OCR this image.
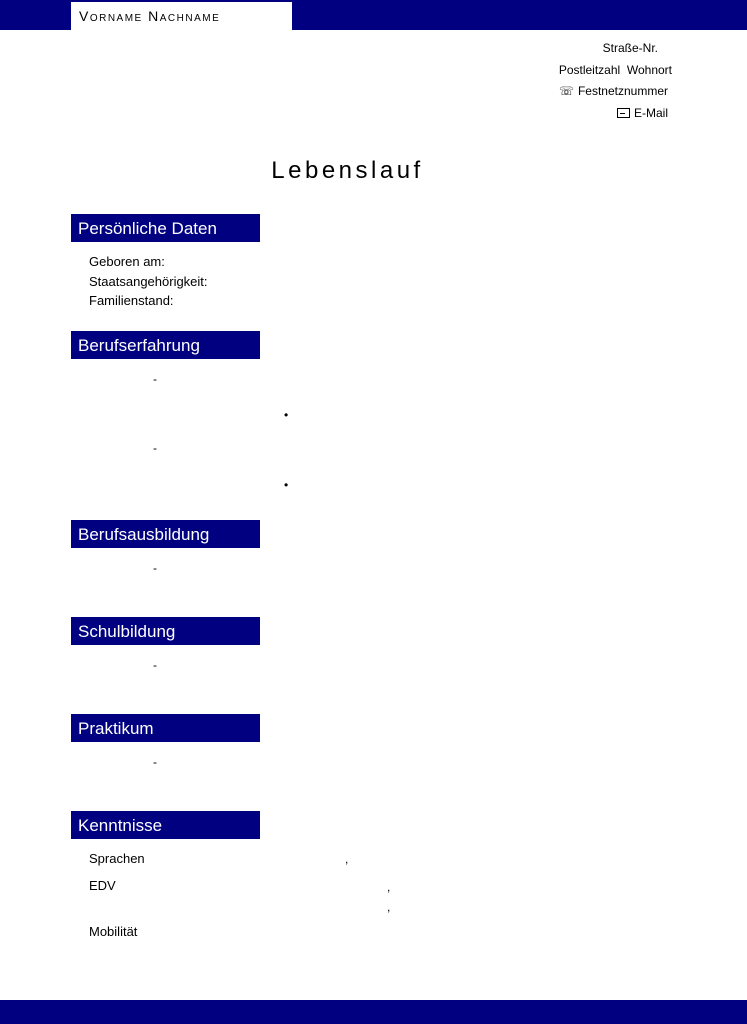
Vorname Nachname
Straße-Nr.
Postleitzahl Wohnort
☏ Festnetznummer
E-Mail
Lebenslauf
Persönliche Daten
Geboren am:
Staatsangehörigkeit:
Familienstand:
Berufserfahrung
-
•
-
•
Berufsausbildung
-
Schulbildung
-
Praktikum
-
Kenntnisse
Sprachen	,
EDV	,
,
Mobilität
